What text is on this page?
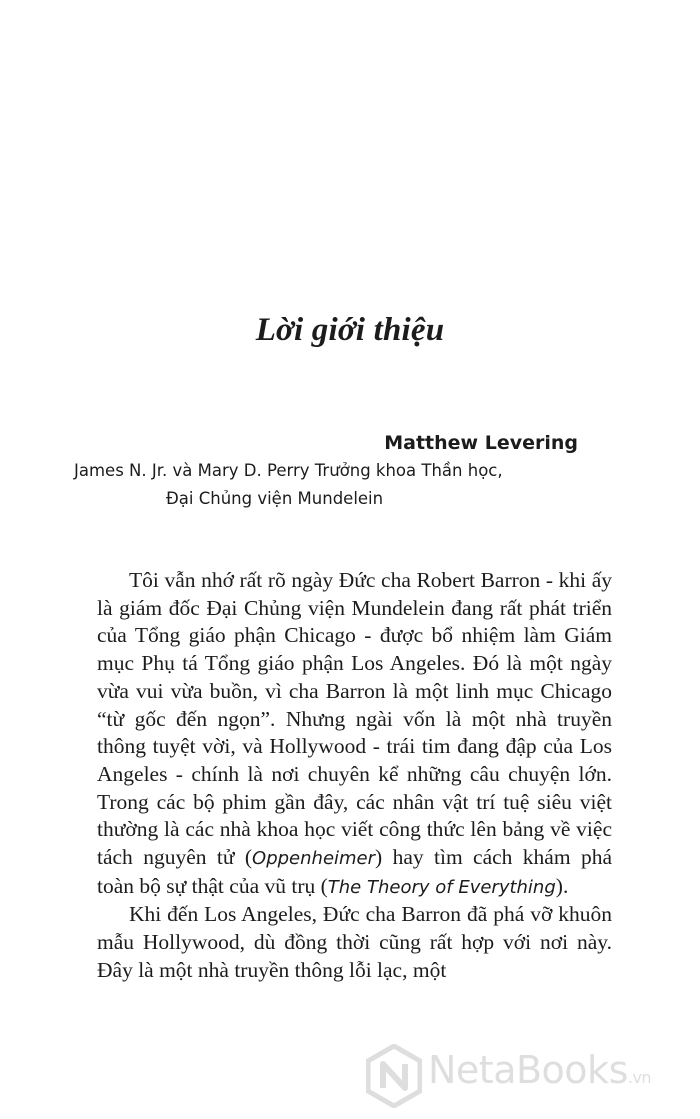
Lời giới thiệu
Matthew Levering
James N. Jr. và Mary D. Perry Trưởng khoa Thần học,
Đại Chủng viện Mundelein

Tôi vẫn nhớ rất rõ ngày Đức cha Robert Barron - khi ấy là giám đốc Đại Chủng viện Mundelein đang rất phát triển của Tổng giáo phận Chicago - được bổ nhiệm làm Giám mục Phụ tá Tổng giáo phận Los Angeles. Đó là một ngày vừa vui vừa buồn, vì cha Barron là một linh mục Chicago “từ gốc đến ngọn”. Nhưng ngài vốn là một nhà truyền thông tuyệt vời, và Hollywood - trái tim đang đập của Los Angeles - chính là nơi chuyên kể những câu chuyện lớn. Trong các bộ phim gần đây, các nhân vật trí tuệ siêu việt thường là các nhà khoa học viết công thức lên bảng về việc tách nguyên tử (Oppenheimer) hay tìm cách khám phá toàn bộ sự thật của vũ trụ (The Theory of Everything).

Khi đến Los Angeles, Đức cha Barron đã phá vỡ khuôn mẫu Hollywood, dù đồng thời cũng rất hợp với nơi này. Đây là một nhà truyền thông lỗi lạc, một

NetaBooks.vn
